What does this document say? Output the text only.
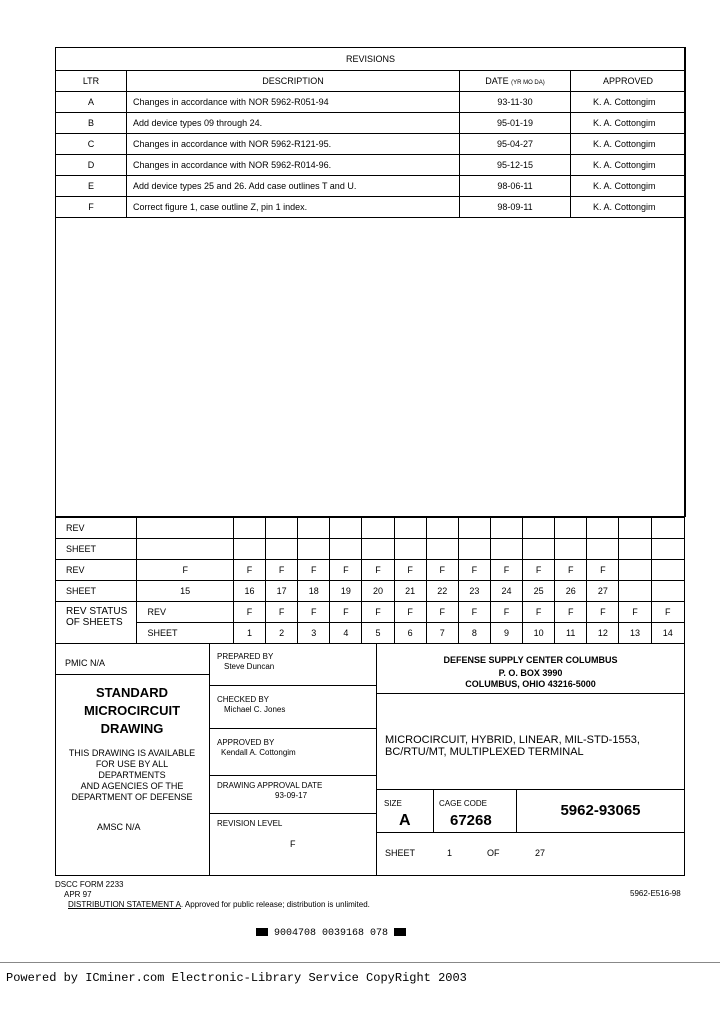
REVISIONS			
LTR	DESCRIPTION	DATE (YR MO DA)	APPROVED
A	Changes in accordance with NOR 5962-R051-94	93-11-30	K. A. Cottongim
B	Add device types 09 through 24.	95-01-19	K. A. Cottongim
C	Changes in accordance with NOR 5962-R121-95.	95-04-27	K. A. Cottongim
D	Changes in accordance with NOR 5962-R014-96.	95-12-15	K. A. Cottongim
E	Add device types 25 and 26. Add case outlines T and U.	98-06-11	K. A. Cottongim
F	Correct figure 1, case outline Z, pin 1 index.	98-09-11	K. A. Cottongim

REV															
SHEET															
REV	F	F	F	F	F	F	F	F	F	F	F	F	F		
SHEET	15	16	17	18	19	20	21	22	23	24	25	26	27		
REV STATUS
OF SHEETS	REV	F	F	F	F	F	F	F	F	F	F	F	F	F	F
	SHEET	1	2	3	4	5	6	7	8	9	10	11	12	13	14
PMIC N/A
STANDARD
MICROCIRCUIT
DRAWING
THIS DRAWING IS AVAILABLE
FOR USE BY ALL
DEPARTMENTS
AND AGENCIES OF THE
DEPARTMENT OF DEFENSE
AMSC N/A
PREPARED BY
Steve Duncan
CHECKED BY
Michael C. Jones
APPROVED BY
Kendall A. Cottongim
DRAWING APPROVAL DATE
93-09-17
REVISION LEVEL
F
DEFENSE SUPPLY CENTER COLUMBUS
P. O. BOX 3990
COLUMBUS, OHIO 43216-5000
MICROCIRCUIT, HYBRID, LINEAR, MIL-STD-1553,
BC/RTU/MT, MULTIPLEXED TERMINAL
SIZE
A
CAGE CODE
67268
5962-93065
SHEET	1	OF	27
DSCC FORM 2233
APR 97	5962-E516-98
DISTRIBUTION STATEMENT A. Approved for public release; distribution is unlimited.
9004708 0039168 078
Powered by ICminer.com Electronic-Library Service CopyRight 2003
